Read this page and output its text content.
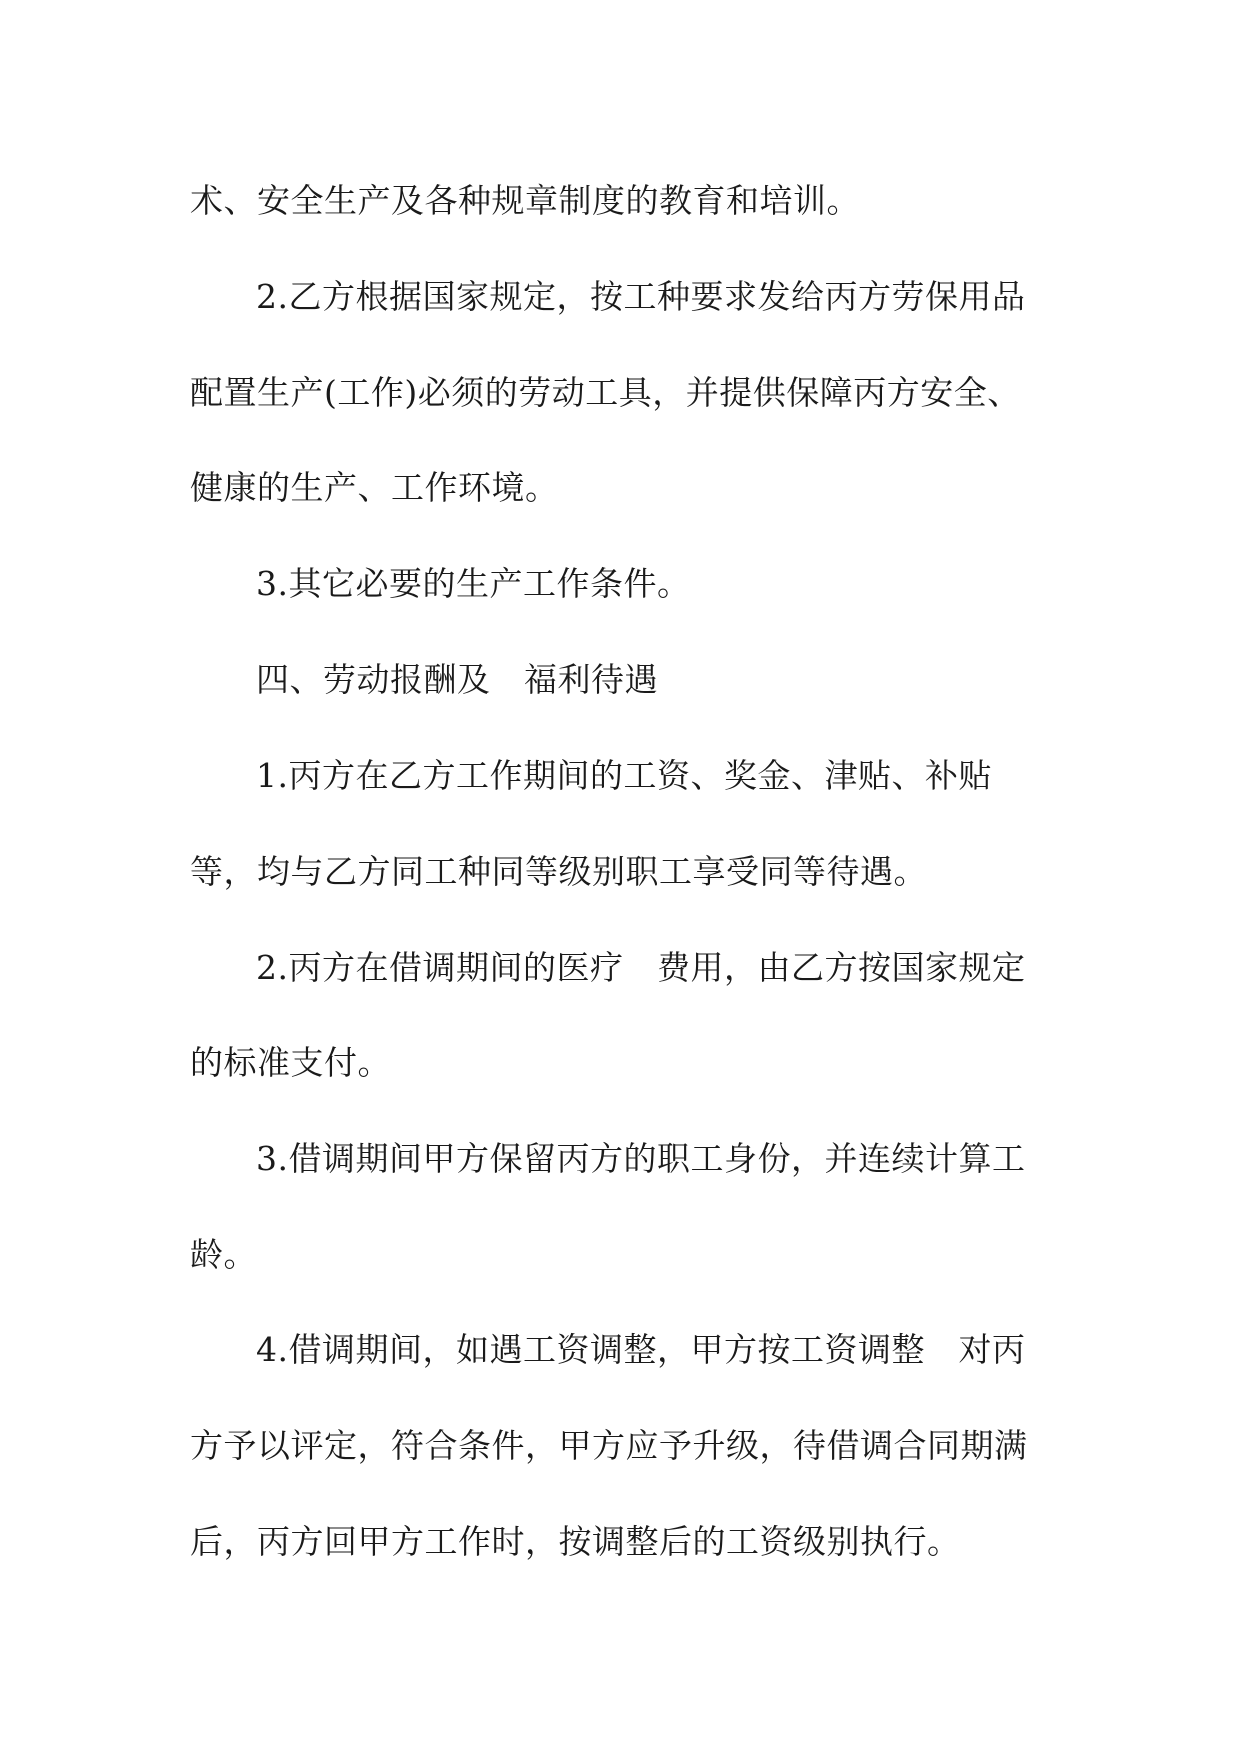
术、安全生产及各种规章制度的教育和培训。
2.乙方根据国家规定，按工种要求发给丙方劳保用品
配置生产(工作)必须的劳动工具，并提供保障丙方安全、
健康的生产、工作环境。
3.其它必要的生产工作条件。
四、劳动报酬及　福利待遇
1.丙方在乙方工作期间的工资、奖金、津贴、补贴
等，均与乙方同工种同等级别职工享受同等待遇。
2.丙方在借调期间的医疗　费用，由乙方按国家规定
的标准支付。
3.借调期间甲方保留丙方的职工身份，并连续计算工
龄。
4.借调期间，如遇工资调整，甲方按工资调整　对丙
方予以评定，符合条件，甲方应予升级，待借调合同期满
后，丙方回甲方工作时，按调整后的工资级别执行。
